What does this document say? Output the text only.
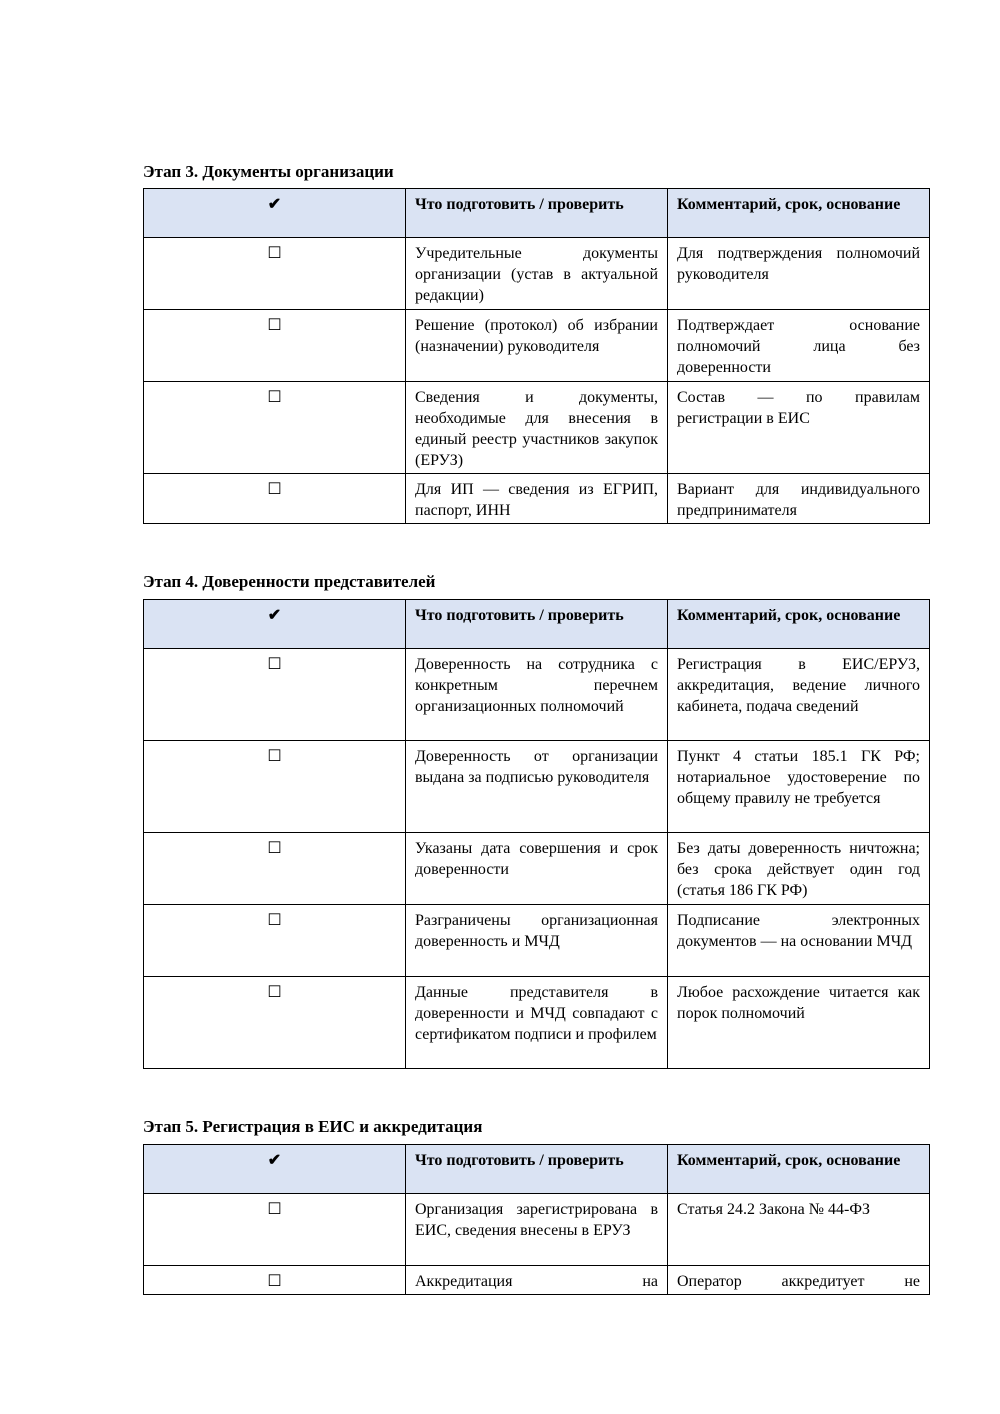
Этап 3. Документы организации
✔	Что подготовить / проверить	Комментарий, срок, основание
☐	Учредительные документы организации (устав в актуальной редакции)	Для подтверждения полномочий руководителя
☐	Решение (протокол) об избрании (назначении) руководителя	Подтверждает основание полномочий лица без доверенности
☐	Сведения и документы, необходимые для внесения в единый реестр участников закупок (ЕРУЗ)	Состав — по правилам регистрации в ЕИС
☐	Для ИП — сведения из ЕГРИП, паспорт, ИНН	Вариант для индивидуального предпринимателя
Этап 4. Доверенности представителей
✔	Что подготовить / проверить	Комментарий, срок, основание
☐	Доверенность на сотрудника с конкретным перечнем организационных полномочий	Регистрация в ЕИС/ЕРУЗ, аккредитация, ведение личного кабинета, подача сведений
☐	Доверенность от организации выдана за подписью руководителя	Пункт 4 статьи 185.1 ГК РФ; нотариальное удостоверение по общему правилу не требуется
☐	Указаны дата совершения и срок доверенности	Без даты доверенность ничтожна; без срока действует один год (статья 186 ГК РФ)
☐	Разграничены организационная доверенность и МЧД	Подписание электронных документов — на основании МЧД
☐	Данные представителя в доверенности и МЧД совпадают с сертификатом подписи и профилем	Любое расхождение читается как порок полномочий
Этап 5. Регистрация в ЕИС и аккредитация
✔	Что подготовить / проверить	Комментарий, срок, основание
☐	Организация зарегистрирована в ЕИС, сведения внесены в ЕРУЗ	Статья 24.2 Закона № 44-ФЗ
☐	Аккредитация на	Оператор аккредитует не
